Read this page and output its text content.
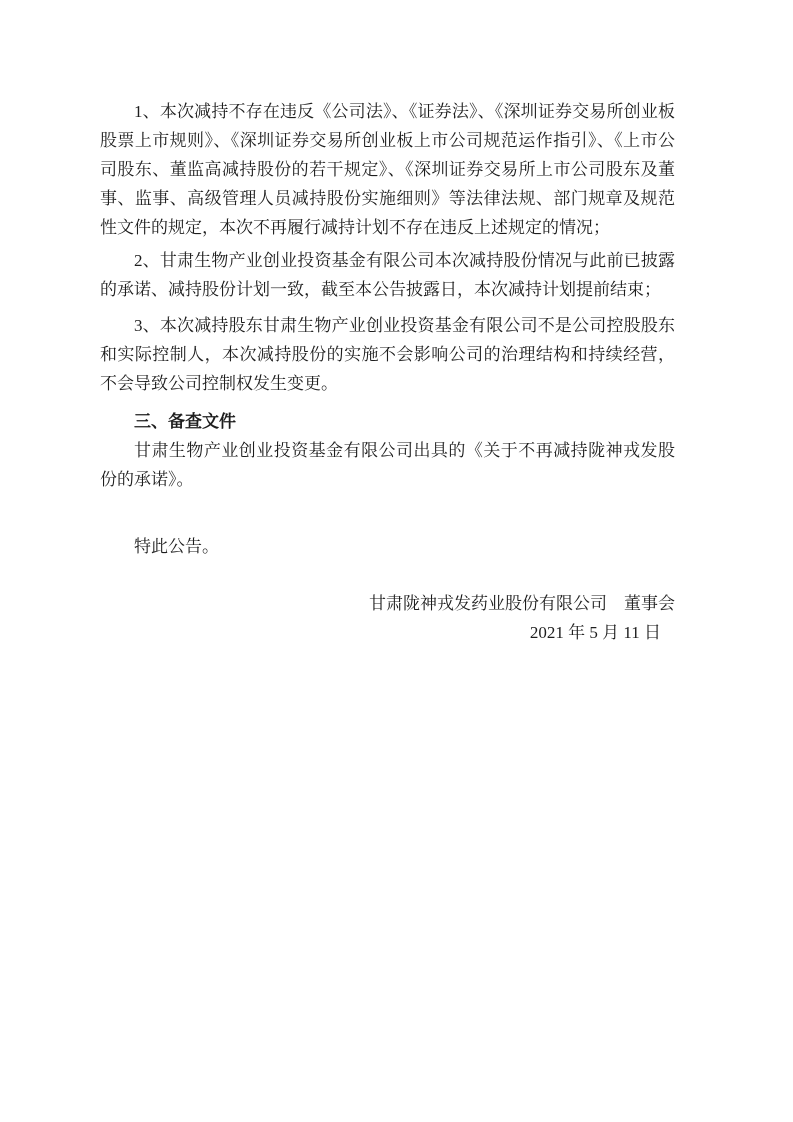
1、本次减持不存在违反《公司法》、《证券法》、《深圳证券交易所创业板股票上市规则》、《深圳证券交易所创业板上市公司规范运作指引》、《上市公司股东、董监高减持股份的若干规定》、《深圳证券交易所上市公司股东及董事、监事、高级管理人员减持股份实施细则》等法律法规、部门规章及规范性文件的规定，本次不再履行减持计划不存在违反上述规定的情况；

2、甘肃生物产业创业投资基金有限公司本次减持股份情况与此前已披露的承诺、减持股份计划一致，截至本公告披露日，本次减持计划提前结束；

3、本次减持股东甘肃生物产业创业投资基金有限公司不是公司控股股东和实际控制人，本次减持股份的实施不会影响公司的治理结构和持续经营，不会导致公司控制权发生变更。

三、备查文件

甘肃生物产业创业投资基金有限公司出具的《关于不再减持陇神戎发股份的承诺》。

特此公告。

甘肃陇神戎发药业股份有限公司　董事会

2021 年 5 月 11 日
